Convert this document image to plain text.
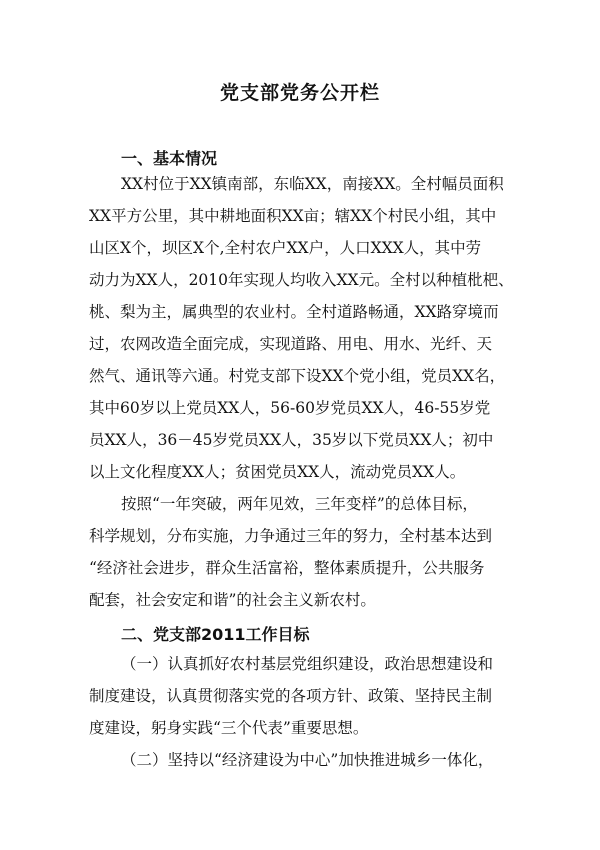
党支部党务公开栏
一、基本情况
XX村位于XX镇南部，东临XX，南接XX。全村幅员面积
XX平方公里，其中耕地面积XX亩；辖XX个村民小组，其中
山区X个，坝区X个,全村农户XX户，人口XXX人，其中劳
动力为XX人，2010年实现人均收入XX元。全村以种植枇杷、
桃、梨为主，属典型的农业村。全村道路畅通，XX路穿境而
过，农网改造全面完成，实现道路、用电、用水、光纤、天
然气、通讯等六通。村党支部下设XX个党小组，党员XX名，
其中60岁以上党员XX人，56-60岁党员XX人，46-55岁党
员XX人，36－45岁党员XX人，35岁以下党员XX人；初中
以上文化程度XX人；贫困党员XX人，流动党员XX人。
按照“一年突破，两年见效，三年变样”的总体目标，
科学规划，分布实施，力争通过三年的努力，全村基本达到
“经济社会进步，群众生活富裕，整体素质提升，公共服务
配套，社会安定和谐”的社会主义新农村。
二、党支部2011工作目标
（一）认真抓好农村基层党组织建设，政治思想建设和
制度建设，认真贯彻落实党的各项方针、政策、坚持民主制
度建设，躬身实践“三个代表”重要思想。
（二）坚持以“经济建设为中心”加快推进城乡一体化，
